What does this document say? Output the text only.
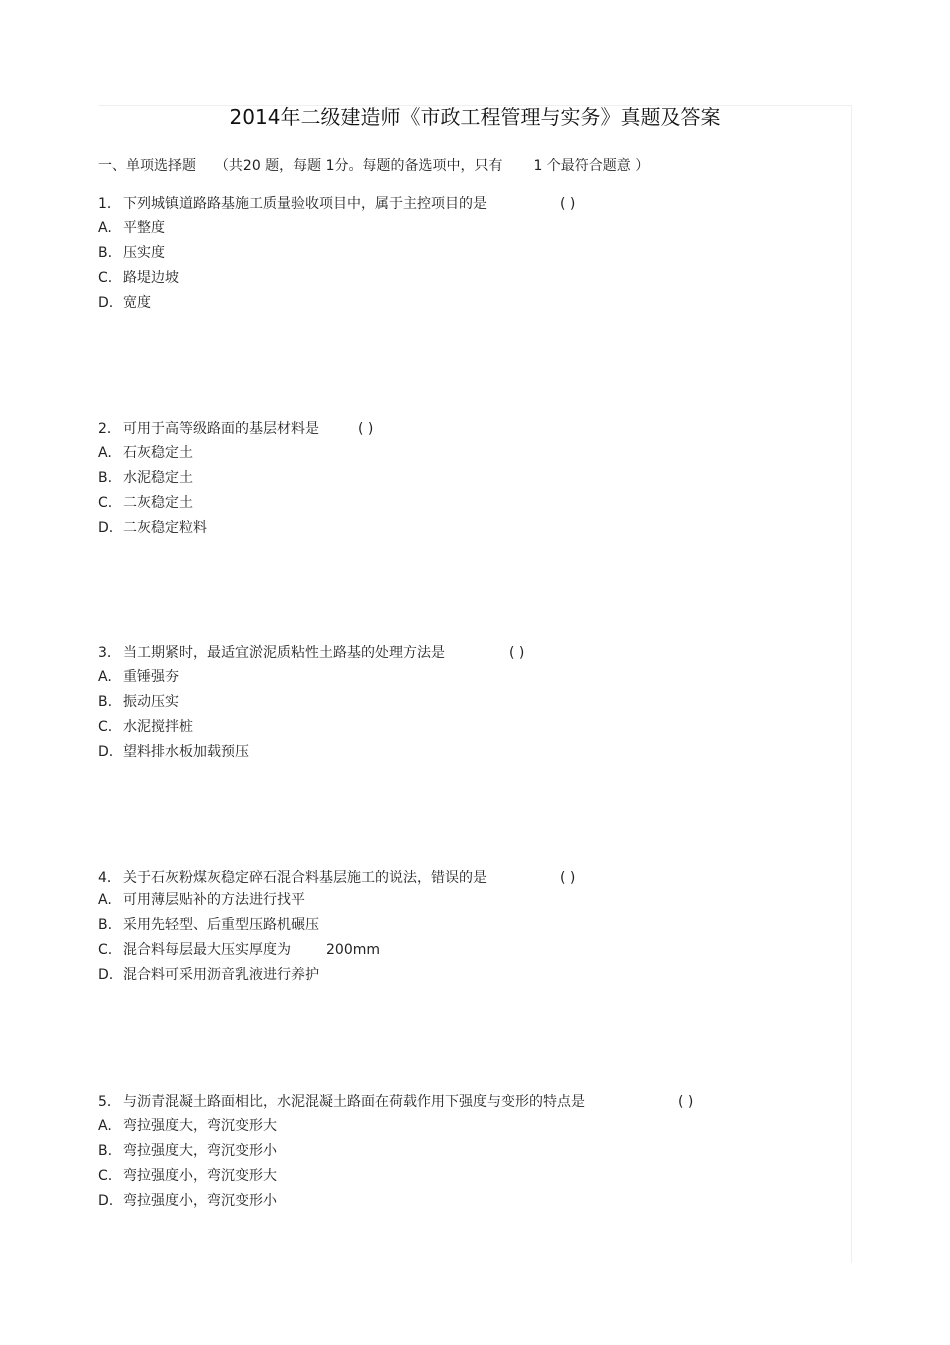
2014年二级建造师《市政工程管理与实务》真题及答案
一、单项选择题 （共20 题，每题 1分。每题的备选项中，只有 1 个最符合题意 ）
1． 下列城镇道路路基施工质量验收项目中，属于主控项目的是	( )
A. 平整度
B. 压实度
C. 路堤边坡
D. 宽度
2． 可用于高等级路面的基层材料是	( )
A. 石灰稳定土
B. 水泥稳定土
C. 二灰稳定土
D. 二灰稳定粒料
3． 当工期紧时，最适宜淤泥质粘性土路基的处理方法是	( )
A. 重锤强夯
B. 振动压实
C. 水泥搅拌桩
D. 望料排水板加载预压
4． 关于石灰粉煤灰稳定碎石混合料基层施工的说法，错误的是	( )
A. 可用薄层贴补的方法进行找平
B. 采用先轻型、后重型压路机碾压
C. 混合料每层最大压实厚度为	200mm
D. 混合料可采用沥音乳液进行养护
5． 与沥青混凝土路面相比，水泥混凝土路面在荷载作用下强度与变形的特点是	( )
A. 弯拉强度大，弯沉变形大
B. 弯拉强度大，弯沉变形小
C. 弯拉强度小，弯沉变形大
D. 弯拉强度小，弯沉变形小
